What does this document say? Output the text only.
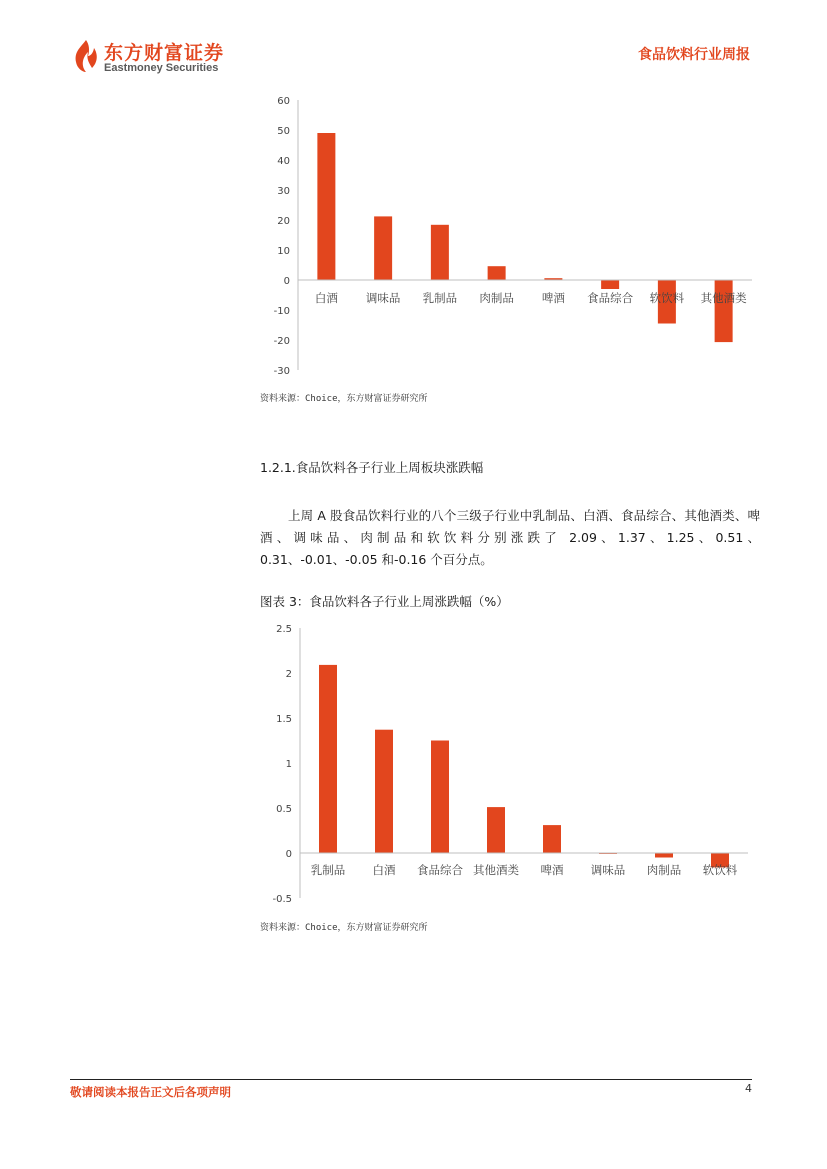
东方财富证券
Eastmoney Securities
食品饮料行业周报
60
50
40
30
20
10
0
-10
-20
-30
白酒 调味品 乳制品 肉制品 啤酒 食品综合 软饮料 其他酒类
资料来源：Choice，东方财富证券研究所
1.2.1.食品饮料各子行业上周板块涨跌幅
上周 A 股食品饮料行业的八个三级子行业中乳制品、白酒、食品综合、其他酒类、啤酒、调味品、肉制品和软饮料分别涨跌了 2.09、1.37、1.25、0.51、0.31、-0.01、-0.05 和-0.16 个百分点。
图表 3：食品饮料各子行业上周涨跌幅（%）
2.5
2
1.5
1
0.5
0
-0.5
乳制品 白酒 食品综合 其他酒类 啤酒 调味品 肉制品 软饮料
资料来源：Choice，东方财富证券研究所
敬请阅读本报告正文后各项声明	4
